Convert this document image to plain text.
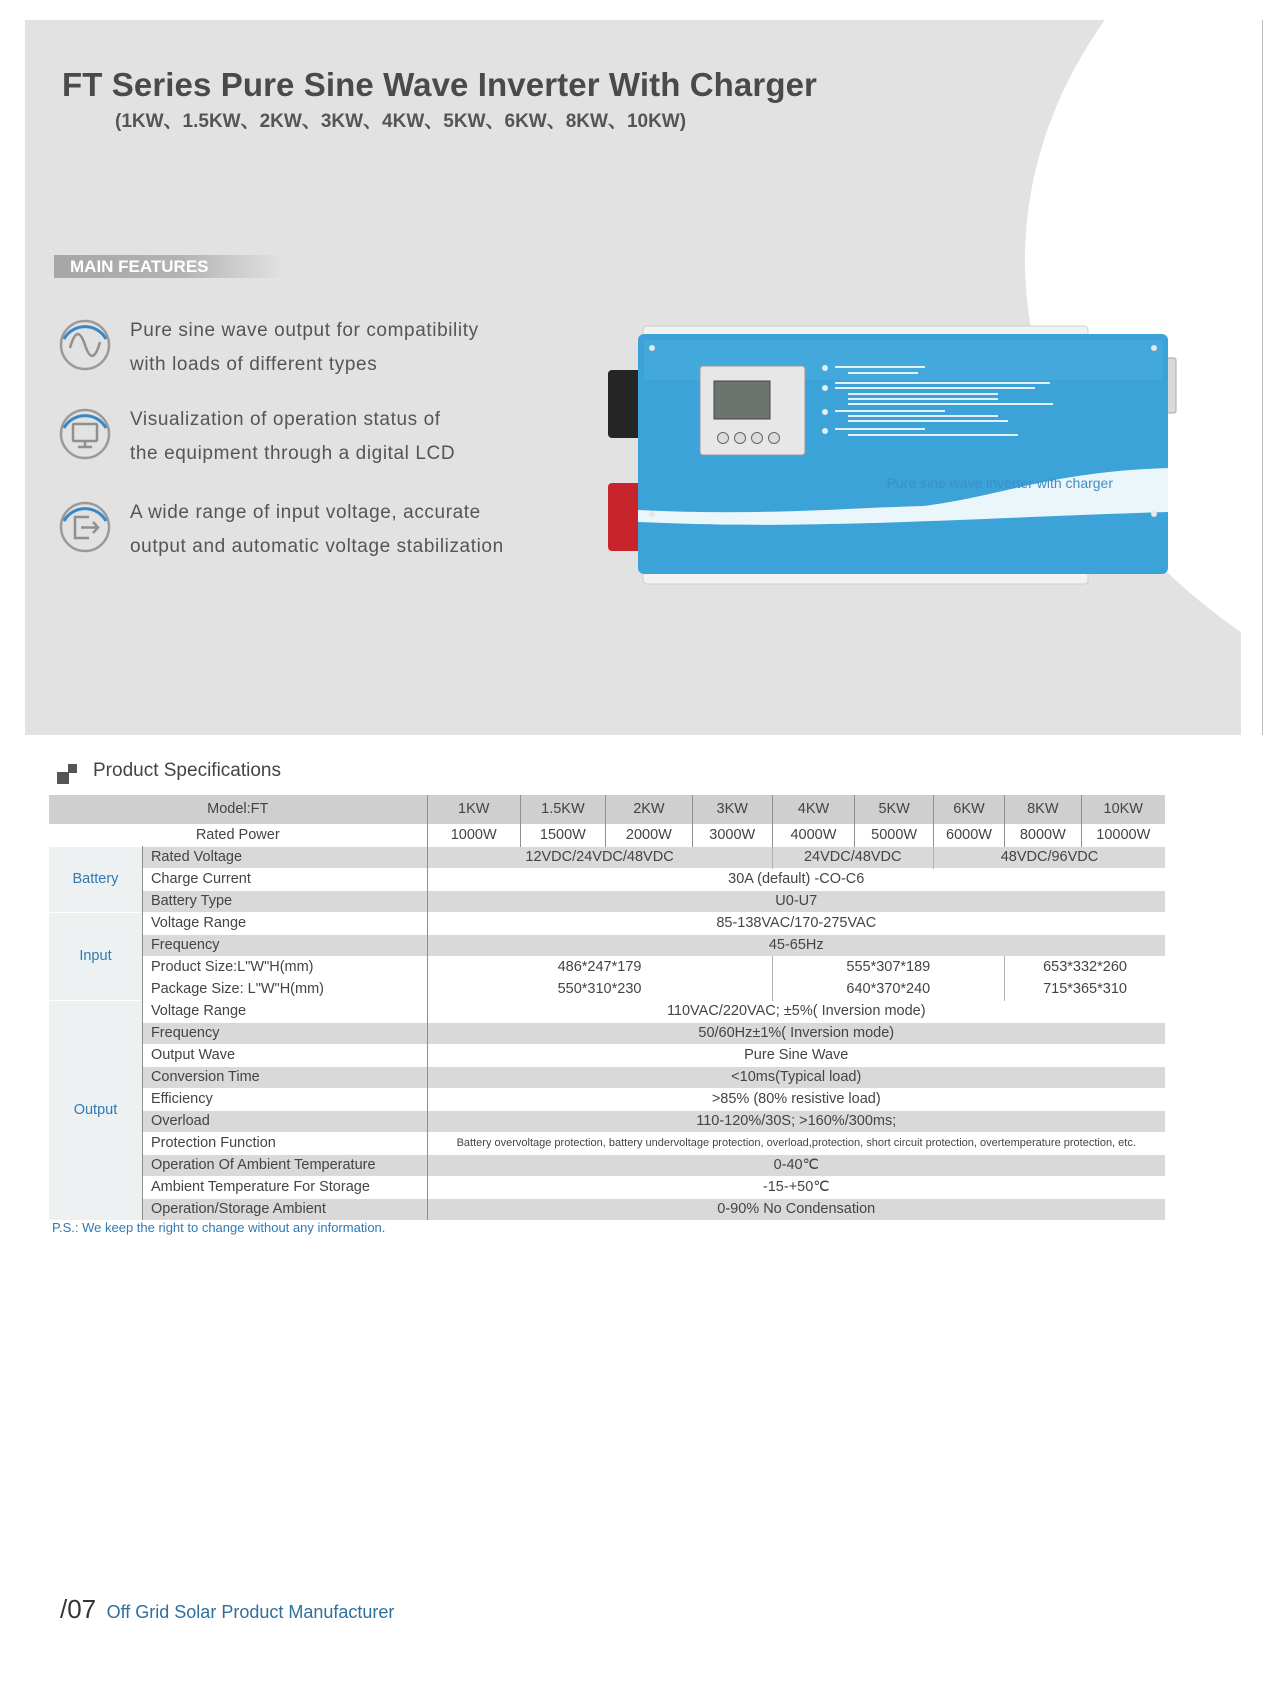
FT Series Pure Sine Wave Inverter With Charger
(1KW、1.5KW、2KW、3KW、4KW、5KW、6KW、8KW、10KW)
MAIN FEATURES
Pure sine wave output for compatibility
with loads of different types
Visualization of operation status of
the equipment through a digital LCD
A wide range of input voltage, accurate
output and automatic voltage stabilization
Pure sine wave inverter with charger
Product Specifications
Model:FT		1KW	1.5KW	2KW	3KW	4KW	5KW	6KW	8KW	10KW
Rated Power		1000W	1500W	2000W	3000W	4000W	5000W	6000W	8000W	10000W
Battery	Rated Voltage	12VDC/24VDC/48VDC				24VDC/48VDC		48VDC/96VDC		
	Charge Current	30A (default) -CO-C6								
	Battery Type	U0-U7								
Input	Voltage Range	85-138VAC/170-275VAC								
	Frequency	45-65Hz								
	Product Size:L"W"H(mm)	486*247*179				555*307*189			653*332*260	
	Package Size: L"W"H(mm)	550*310*230				640*370*240			715*365*310	
Output	Voltage Range	110VAC/220VAC; ±5%( Inversion mode)								
	Frequency	50/60Hz±1%( Inversion mode)								
	Output Wave	Pure Sine Wave								
	Conversion Time	<10ms(Typical load)								
	Efficiency	>85% (80% resistive load)								
	Overload	110-120%/30S; >160%/300ms;								
	Protection Function	Battery overvoltage protection, battery undervoltage protection, overload,protection, short circuit protection, overtemperature protection, etc.								
	Operation Of Ambient Temperature	0-40℃								
	Ambient Temperature For Storage	-15-+50℃								
	Operation/Storage Ambient	0-90% No Condensation								
P.S.: We keep the right to change without any information.
/07 Off Grid Solar Product Manufacturer
